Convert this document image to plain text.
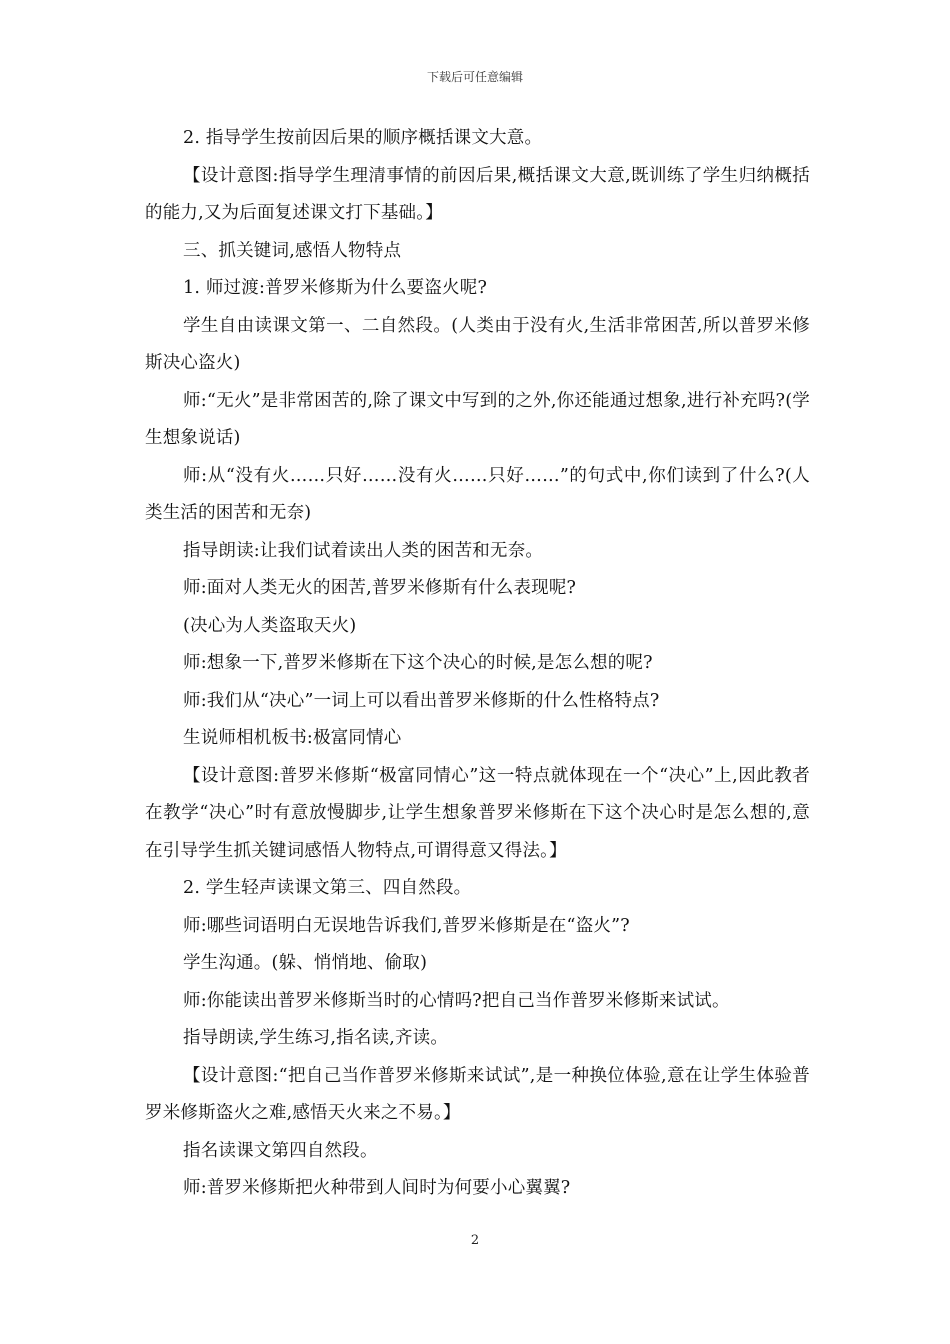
下载后可任意编辑

2. 指导学生按前因后果的顺序概括课文大意。

【设计意图:指导学生理清事情的前因后果,概括课文大意,既训练了学生归纳概括的能力,又为后面复述课文打下基础。】

三、抓关键词,感悟人物特点

1. 师过渡:普罗米修斯为什么要盗火呢?

学生自由读课文第一、二自然段。(人类由于没有火,生活非常困苦,所以普罗米修斯决心盗火)

师:“无火”是非常困苦的,除了课文中写到的之外,你还能通过想象,进行补充吗?(学生想象说话)

师:从“没有火……只好……没有火……只好……”的句式中,你们读到了什么?(人类生活的困苦和无奈)

指导朗读:让我们试着读出人类的困苦和无奈。

师:面对人类无火的困苦,普罗米修斯有什么表现呢?

(决心为人类盗取天火)

师:想象一下,普罗米修斯在下这个决心的时候,是怎么想的呢?

师:我们从“决心”一词上可以看出普罗米修斯的什么性格特点?

生说师相机板书:极富同情心

【设计意图:普罗米修斯“极富同情心”这一特点就体现在一个“决心”上,因此教者在教学“决心”时有意放慢脚步,让学生想象普罗米修斯在下这个决心时是怎么想的,意在引导学生抓关键词感悟人物特点,可谓得意又得法。】

2. 学生轻声读课文第三、四自然段。

师:哪些词语明白无误地告诉我们,普罗米修斯是在“盗火”?

学生沟通。(躲、悄悄地、偷取)

师:你能读出普罗米修斯当时的心情吗?把自己当作普罗米修斯来试试。

指导朗读,学生练习,指名读,齐读。

【设计意图:“把自己当作普罗米修斯来试试”,是一种换位体验,意在让学生体验普罗米修斯盗火之难,感悟天火来之不易。】

指名读课文第四自然段。

师:普罗米修斯把火种带到人间时为何要小心翼翼?

2
